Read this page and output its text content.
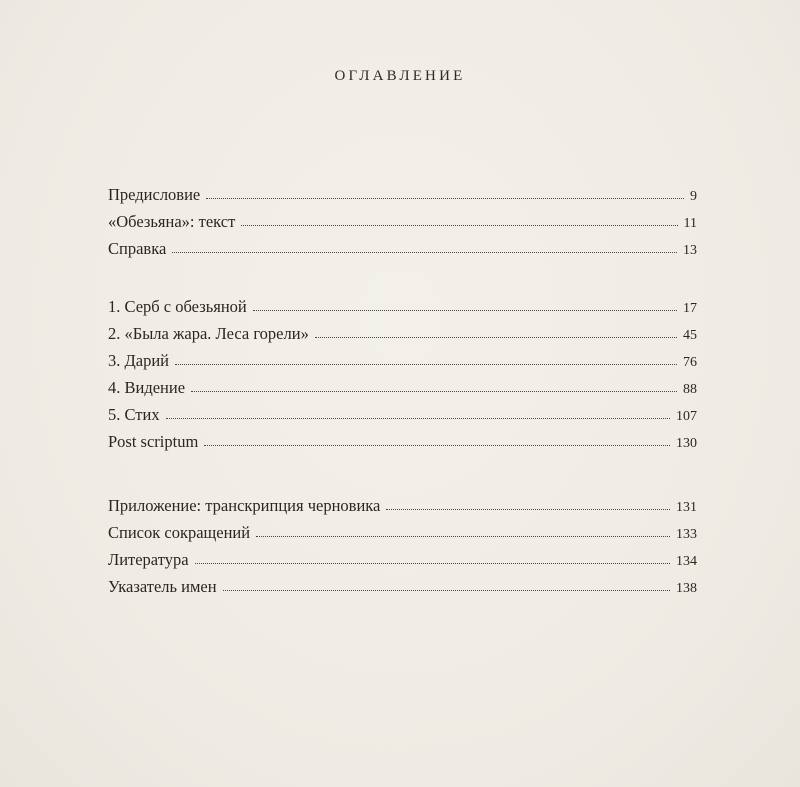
ОГЛАВЛЕНИЕ
Предисловие	9
«Обезьяна»: текст	11
Справка	13
1. Серб с обезьяной	17
2. «Была жара. Леса горели»	45
3. Дарий	76
4. Видение	88
5. Стих	107
Post scriptum	130
Приложение: транскрипция черновика	131
Список сокращений	133
Литература	134
Указатель имен	138
